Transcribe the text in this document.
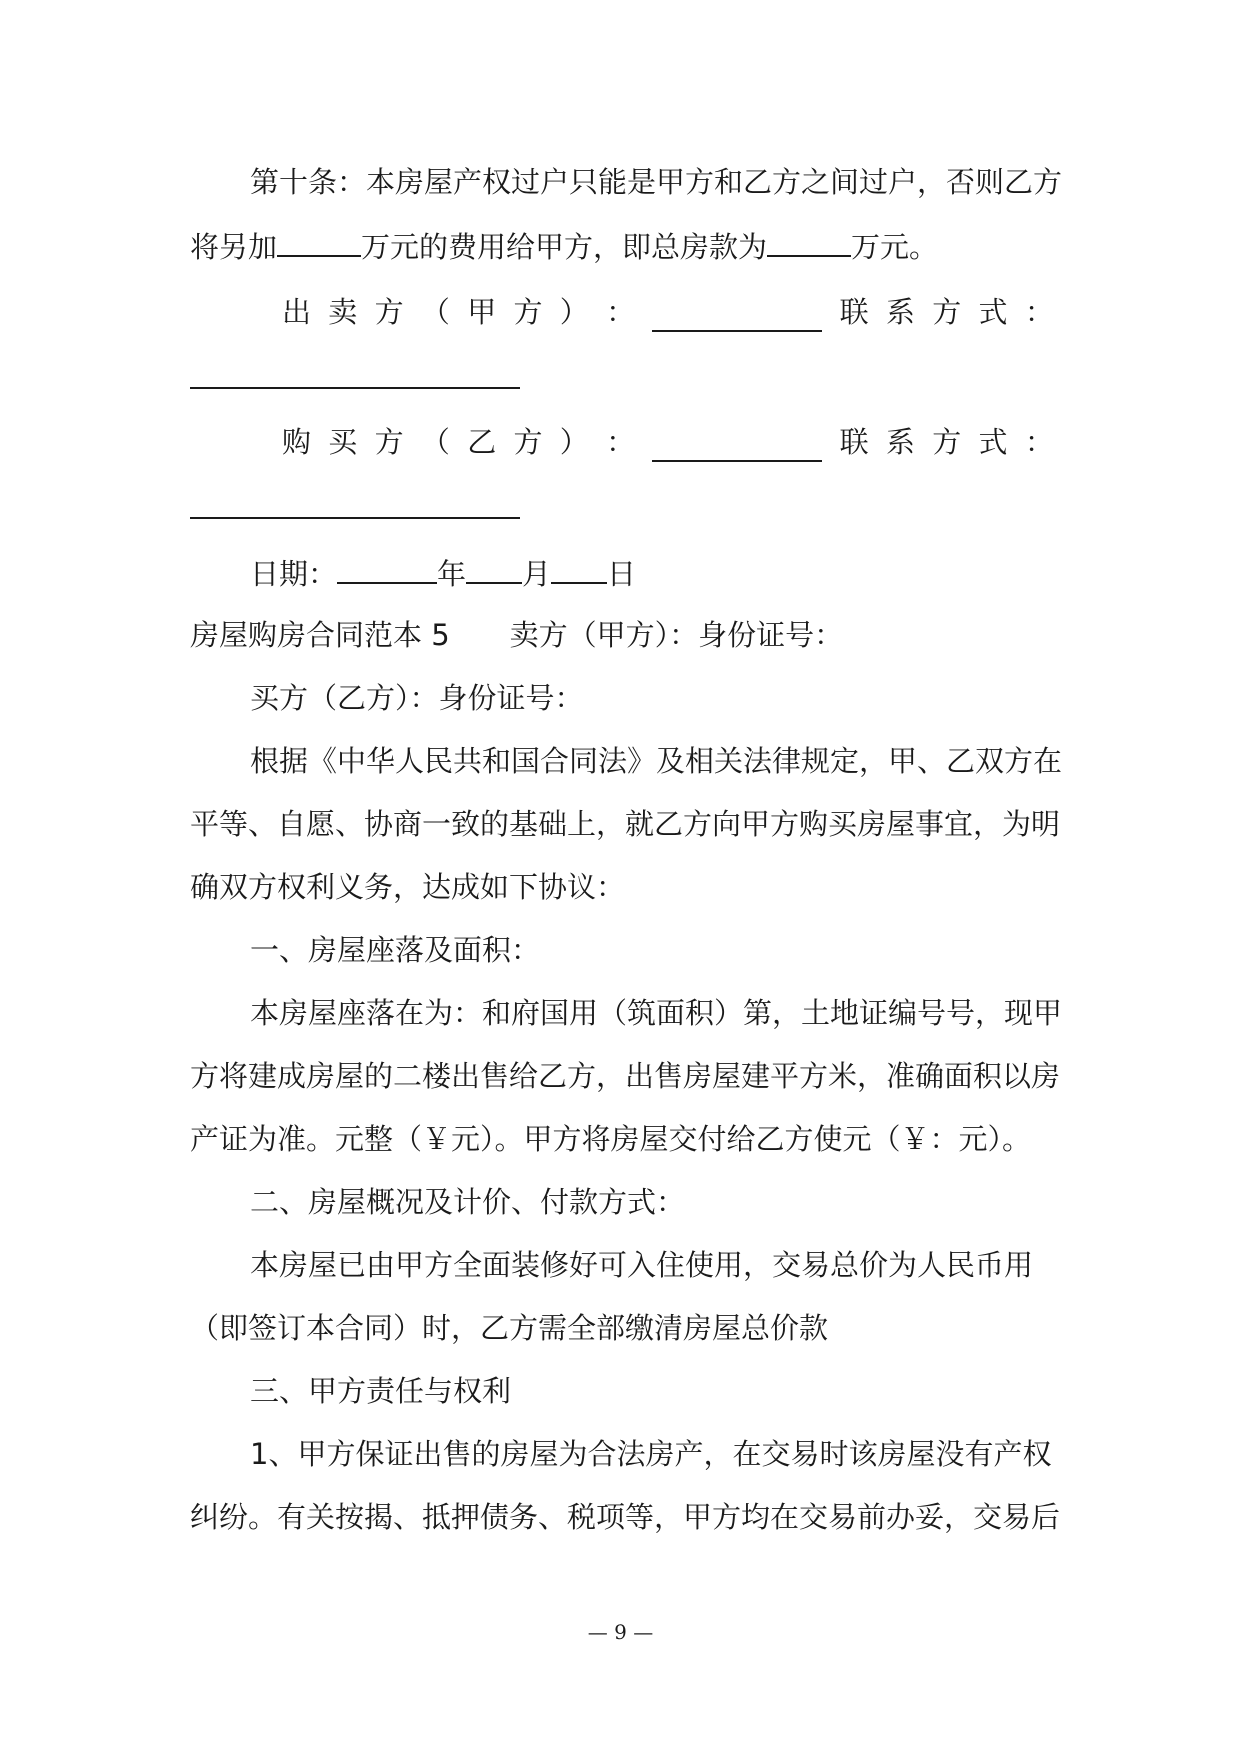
第十条：本房屋产权过户只能是甲方和乙方之间过户，否则乙方
将另加	万元的费用给甲方，即总房款为	万元。
出 卖 方 （ 甲 方 ） ：	联 系 方 式 ：
购 买 方 （ 乙 方 ） ：	联 系 方 式 ：
日期：	年 月 日
房屋购房合同范本 5 卖方（甲方）：身份证号：
买方（乙方）：身份证号：
根据《中华人民共和国合同法》及相关法律规定，甲、乙双方在
平等、自愿、协商一致的基础上，就乙方向甲方购买房屋事宜，为明
确双方权利义务，达成如下协议：
一、房屋座落及面积：
本房屋座落在为：和府国用（筑面积）第，土地证编号号，现甲
方将建成房屋的二楼出售给乙方，出售房屋建平方米，准确面积以房
产证为准。元整（￥元）。甲方将房屋交付给乙方使元（￥：元）。
二、房屋概况及计价、付款方式：
本房屋已由甲方全面装修好可入住使用，交易总价为人民币用
（即签订本合同）时，乙方需全部缴清房屋总价款
三、甲方责任与权利
1、甲方保证出售的房屋为合法房产，在交易时该房屋没有产权
纠纷。有关按揭、抵押债务、税项等，甲方均在交易前办妥，交易后
— 9 —
